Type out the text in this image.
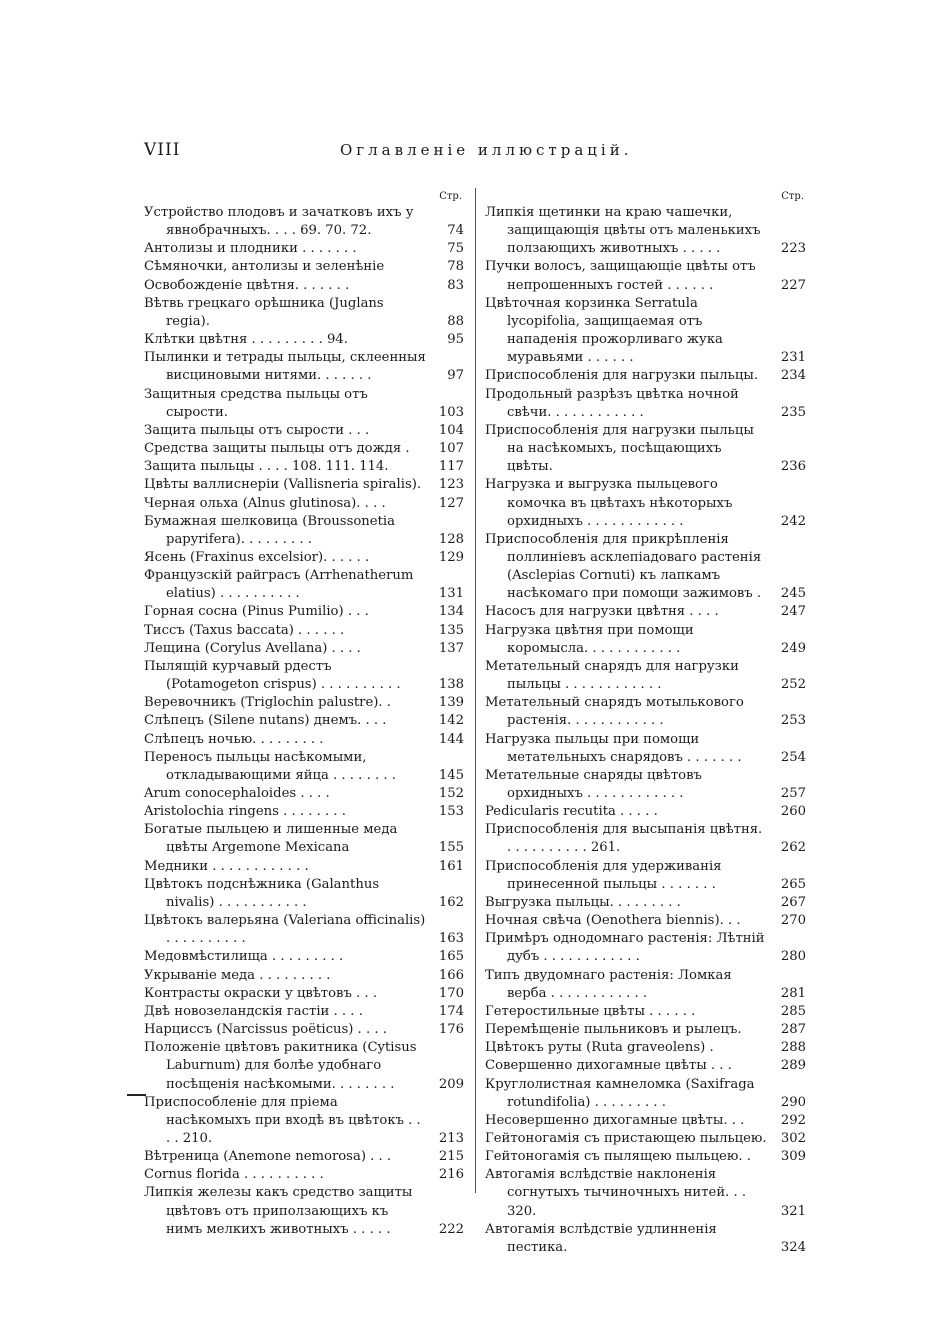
VIII	Оглавленіе иллюстрацій.
Стр.
Устройство плодовъ и зачатковъ ихъ у явнобрачныхъ. . . . 69. 70. 72.	74
Антолизы и плодники . . . . . . .	75
Сѣмяночки, антолизы и зеленѣніе	78
Освобожденіе цвѣтня. . . . . . .	83
Вѣтвь грецкаго орѣшника (Juglans regia).	88
Клѣтки цвѣтня . . . . . . . . . 94.	95
Пылинки и тетрады пыльцы, склеенныя висциновыми нитями. . . . . . .	97
Защитныя средства пыльцы отъ сырости.	103
Защита пыльцы отъ сырости . . .	104
Средства защиты пыльцы отъ дождя . 107
Защита пыльцы . . . . 108. 111. 114.	117
Цвѣты валлиснеріи (Vallisneria spiralis). 123
Черная ольха (Alnus glutinosa). . . .	127
Бумажная шелковица (Broussonetia papyrifera). . . . . . . . .	128
Ясень (Fraxinus excelsior). . . . . .	129
Французскій райграсъ (Arrhenatherum elatius) . . . . . . . . . .	131
Горная сосна (Pinus Pumilio) . . .	134
Тиссъ (Taxus baccata) . . . . . .	135
Лещина (Corylus Avellana) . . . .	137
Пылящій курчавый рдестъ (Potamogeton crispus) . . . . . . . . . .	138
Веревочникъ (Triglochin palustre). .	139
Слѣпецъ (Silene nutans) днемъ. . . .	142
Слѣпецъ ночью. . . . . . . . .	144
Переносъ пыльцы насѣкомыми, откладывающими яйца . . . . . . . .	145
Arum conocephaloides . . . .	152
Aristolochia ringens . . . . . . . .	153
Богатые пыльцею и лишенные меда цвѣты Argemone Mexicana	155
Медники . . . . . . . . . . . .	161
Цвѣтокъ подснѣжника (Galanthus nivalis) . . . . . . . . . . .	162
Цвѣтокъ валерьяна (Valeriana officinalis) . . . . . . . . . .	163
Медовмѣстилища . . . . . . . . .	165
Укрываніе меда . . . . . . . . .	166
Контрасты окраски у цвѣтовъ . . .	170
Двѣ новозеландскія гастіи . . . .	174
Нарциссъ (Narcissus poëticus) . . . .	176
Положеніе цвѣтовъ ракитника (Cytisus Laburnum) для болѣе удобнаго посѣщенія насѣкомыми. . . . . . . .	209
Приспособленіе для пріема насѣкомыхъ при входѣ въ цвѣтокъ . . . . 210.	213
Вѣтреница (Anemone nemorosa) . . .	215
Cornus florida . . . . . . . . . .	216
Липкія железы какъ средство защиты цвѣтовъ отъ приползающихъ къ нимъ мелкихъ животныхъ . . . . .	222
Стр.
Липкія щетинки на краю чашечки, защищающія цвѣты отъ маленькихъ ползающихъ животныхъ . . . . .	223
Пучки волосъ, защищающіе цвѣты отъ непрошенныхъ гостей . . . . . .	227
Цвѣточная корзинка Serratula lycopifolia, защищаемая отъ нападенія прожорливаго жука муравьями . . . . . .	231
Приспособленія для нагрузки пыльцы. 234
Продольный разрѣзъ цвѣтка ночной свѣчи. . . . . . . . . . . .	235
Приспособленія для нагрузки пыльцы на насѣкомыхъ, посѣщающихъ цвѣты.	236
Нагрузка и выгрузка пыльцевого комочка въ цвѣтахъ нѣкоторыхъ орхидныхъ . . . . . . . . . . . .	242
Приспособленія для прикрѣпленія поллиніевъ асклепіадоваго растенія (Asclepias Cornuti) къ лапкамъ насѣкомаго при помощи зажимовъ . 245
Насосъ для нагрузки цвѣтня . . . .	247
Нагрузка цвѣтня при помощи коромысла. . . . . . . . . . . .	249
Метательный снарядъ для нагрузки пыльцы . . . . . . . . . . . .	252
Метательный снарядъ мотылькового растенія. . . . . . . . . . . .	253
Нагрузка пыльцы при помощи метательныхъ снарядовъ . . . . . . .	254
Метательные снаряды цвѣтовъ орхидныхъ . . . . . . . . . . . .	257
Pedicularis recutita . . . . .	260
Приспособленія для высыпанія цвѣтня. . . . . . . . . . . 261.	262
Приспособленія для удерживанія принесенной пыльцы . . . . . . .	265
Выгрузка пыльцы. . . . . . . . .	267
Ночная свѣча (Oenothera biennis). . .	270
Примѣръ однодомнаго растенія: Лѣтній дубъ . . . . . . . . . . . .	280
Типъ двудомнаго растенія: Ломкая верба . . . . . . . . . . . .	281
Гетеростильные цвѣты . . . . . .	285
Перемѣщеніе пыльниковъ и рылецъ.	287
Цвѣтокъ руты (Ruta graveolens) .	288
Совершенно дихогамные цвѣты . . .	289
Круглолистная камнеломка (Saxifraga rotundifolia) . . . . . . . . .	290
Несовершенно дихогамные цвѣты. . .	292
Гейтоногамія съ пристающею пыльцею. 302
Гейтоногамія съ пылящею пыльцею. . 309
Автогамія вслѣдствіе наклоненія согнутыхъ тычиночныхъ нитей. . . 320.	321
Автогамія вслѣдствіе удлинненія пестика.	324
